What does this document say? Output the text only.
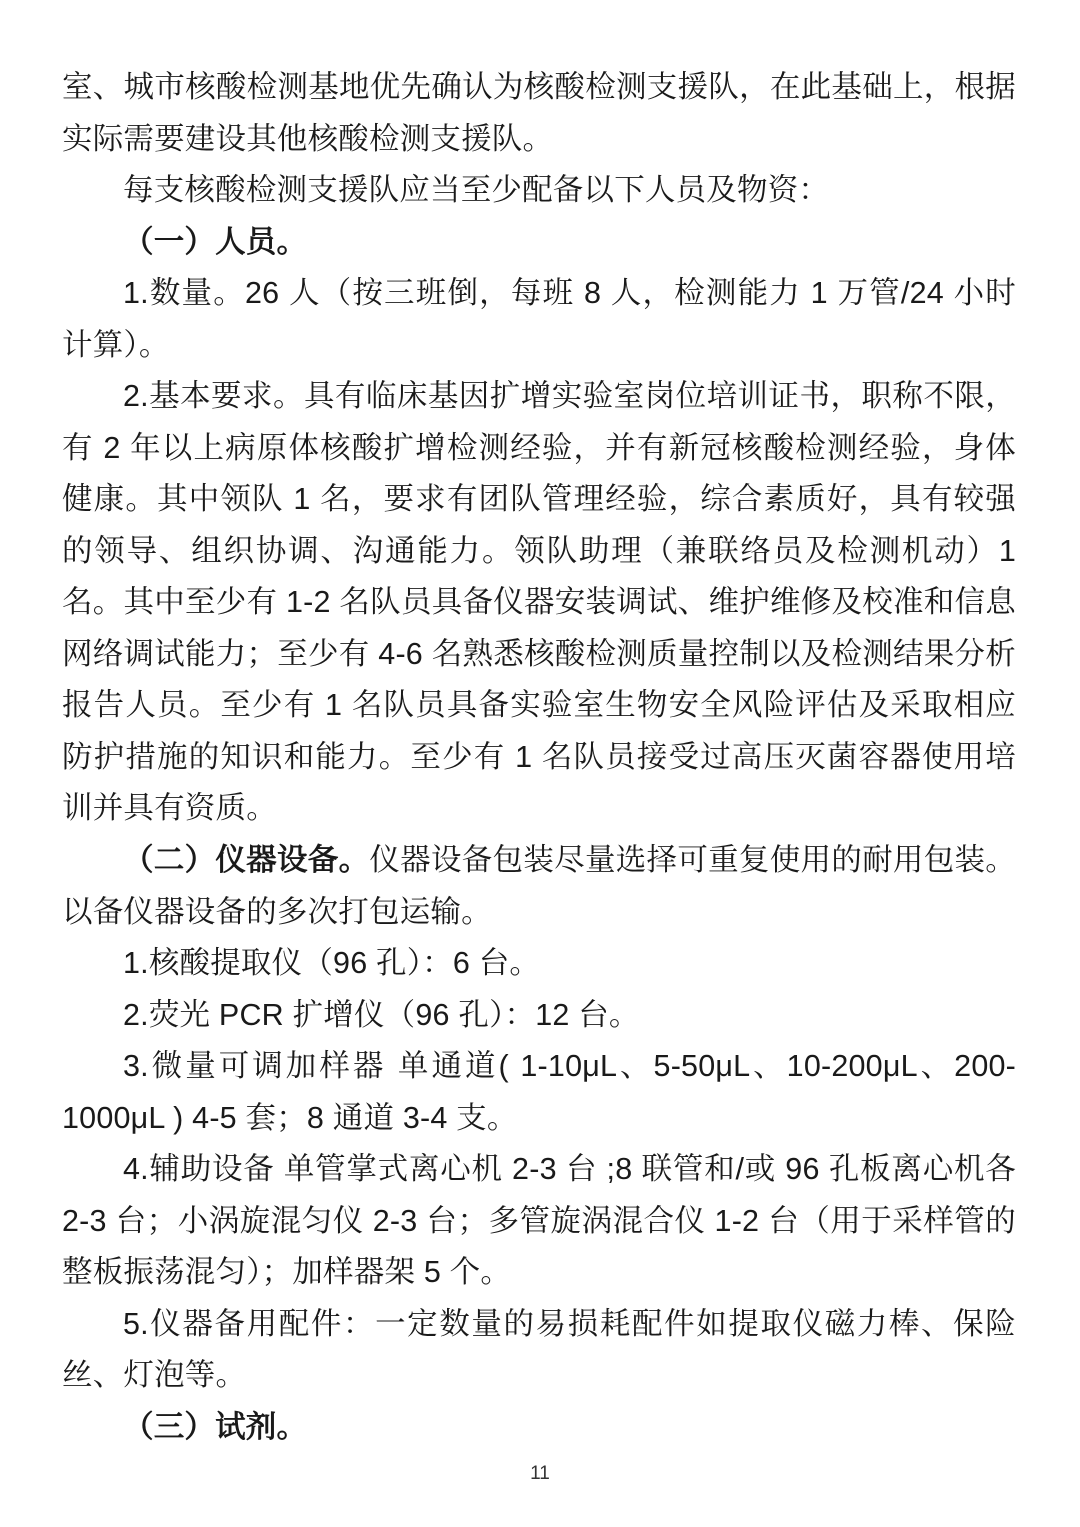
室、城市核酸检测基地优先确认为核酸检测支援队，在此基础上，根据实际需要建设其他核酸检测支援队。

每支核酸检测支援队应当至少配备以下人员及物资：

（一）人员。

1.数量。26 人（按三班倒，每班 8 人，检测能力 1 万管/24 小时计算）。

2.基本要求。具有临床基因扩增实验室岗位培训证书，职称不限，有 2 年以上病原体核酸扩增检测经验，并有新冠核酸检测经验，身体健康。其中领队 1 名，要求有团队管理经验，综合素质好，具有较强的领导、组织协调、沟通能力。领队助理（兼联络员及检测机动）1 名。其中至少有 1-2 名队员具备仪器安装调试、维护维修及校准和信息网络调试能力；至少有 4-6 名熟悉核酸检测质量控制以及检测结果分析报告人员。至少有 1 名队员具备实验室生物安全风险评估及采取相应防护措施的知识和能力。至少有 1 名队员接受过高压灭菌容器使用培训并具有资质。

（二）仪器设备。仪器设备包装尽量选择可重复使用的耐用包装。以备仪器设备的多次打包运输。

1.核酸提取仪（96 孔）：6 台。

2.荧光 PCR 扩增仪（96 孔）：12 台。

3.微量可调加样器 单通道( 1-10μL、5-50μL、10-200μL、200-1000μL ) 4-5 套；8 通道 3-4 支。

4.辅助设备 单管掌式离心机 2-3 台 ;8 联管和/或 96 孔板离心机各 2-3 台；小涡旋混匀仪 2-3 台；多管旋涡混合仪 1-2 台（用于采样管的整板振荡混匀）；加样器架 5 个。

5.仪器备用配件：一定数量的易损耗配件如提取仪磁力棒、保险丝、灯泡等。

（三）试剂。

11
